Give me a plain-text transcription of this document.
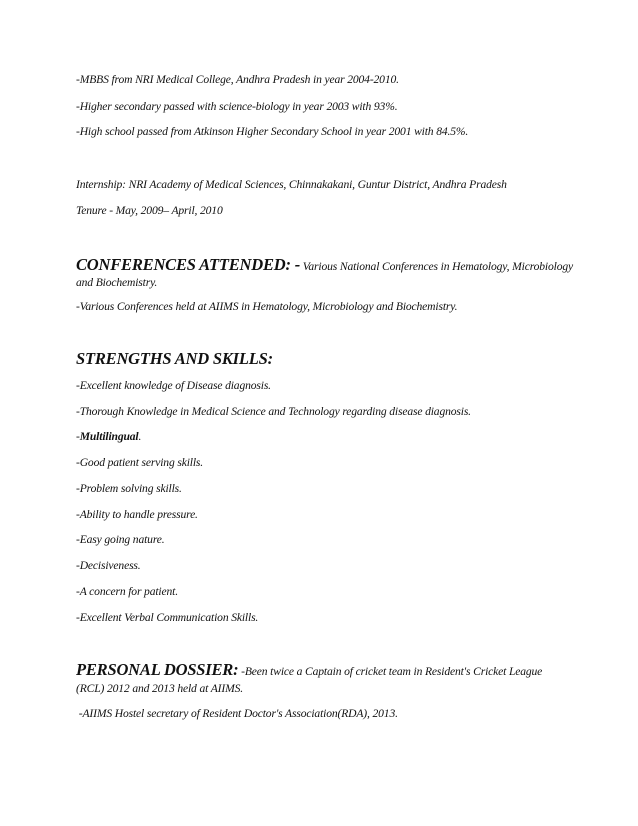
-MBBS from NRI Medical College, Andhra Pradesh in year 2004-2010.
-Higher secondary passed with science-biology in year 2003 with 93%.
-High school passed from Atkinson Higher Secondary School in year 2001 with 84.5%.
Internship: NRI Academy of Medical Sciences, Chinnakakani, Guntur District, Andhra Pradesh
Tenure - May, 2009– April, 2010
CONFERENCES ATTENDED: - Various National Conferences in Hematology, Microbiology
and Biochemistry.
-Various Conferences held at AIIMS in Hematology, Microbiology and Biochemistry.
STRENGTHS AND SKILLS:
-Excellent knowledge of Disease diagnosis.
-Thorough Knowledge in Medical Science and Technology regarding disease diagnosis.
-Multilingual.
-Good patient serving skills.
-Problem solving skills.
-Ability to handle pressure.
-Easy going nature.
-Decisiveness.
-A concern for patient.
-Excellent Verbal Communication Skills.
PERSONAL DOSSIER: -Been twice a Captain of cricket team in Resident's Cricket League
(RCL) 2012 and 2013 held at AIIMS.
-AIIMS Hostel secretary of Resident Doctor's Association(RDA), 2013.
